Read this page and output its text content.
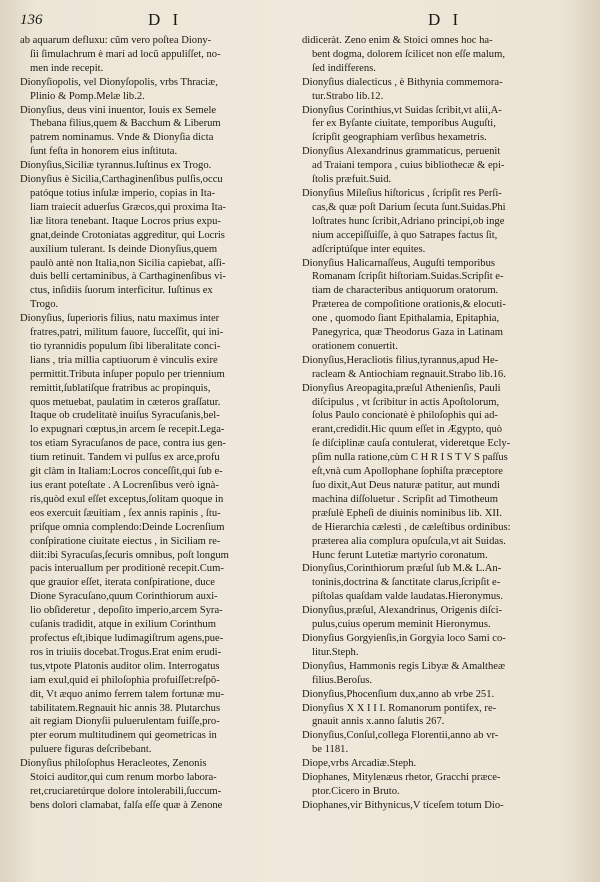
136	D I	D I
ab aquarum defluxu: cũm vero poſtea Diony-
ſii ſimulachrum è mari ad locũ appuliſſet, no-
men inde recepit.
Dionyſiopolis, vel Dionyſopolis, vrbs Thraciæ,
Plinio & Pomp.Melæ lib.2.
Dionyſius, deus vini inuentor, Iouis ex Semele
Thebana filius,quem & Bacchum & Liberum
patrem nominamus. Vnde & Dionyſia dicta
ſunt feſta in honorem eius inſtituta.
Dionyſius,Siciliæ tyrannus.Iuſtinus ex Trogo.
Dionyſius è Sicilia,Carthaginenſibus pulſis,occu
patóque totius inſulæ imperio, copias in Ita-
liam traiecit aduerſus Græcos,qui proxima Ita-
liæ litora tenebant. Itaque Locros prius expu-
gnat,deinde Crotoniatas aggreditur, qui Locris
auxilium tulerant. Is deinde Dionyſius,quem
paulò antè non Italia,non Sicilia capiebat, aſſi-
duis belli certaminibus, à Carthaginenſibus vi-
ctus, inſidiis ſuorum interficitur. Iuſtinus ex
Trogo.
Dionyſius, ſuperioris filius, natu maximus inter
fratres,patri, militum fauore, ſucceſſit, qui ini-
tio tyrannidis populum ſibi liberalitate conci-
lians , tria millia captiuorum è vinculis exire
permittit.Tributa inſuper populo per triennium
remittit,ſublatiſque fratribus ac propinquis,
quos metuebat, paulatim in cæteros graſſatur.
Itaque ob crudelitatè inuiſus Syracuſanis,bel-
lo expugnari cœptus,in arcem ſe recepit.Lega-
tos etiam Syracuſanos de pace, contra ius gen-
tium retinuit. Tandem vi pulſus ex arce,profu
git clàm in Italiam:Locros conceſſit,qui ſub e-
ius erant poteſtate . A Locrenſibus verò ignà-
ris,quòd exul eſſet exceptus,ſolitam quoque in
eos exercuit ſæuitiam , ſex annis rapinis , ſtu-
priſque omnia complendo:Deinde Locrenſium
conſpiratione ciuitate eiectus , in Siciliam re-
diit:ibi Syracuſas,ſecuris omnibus, poſt longum
pacis interuallum per proditionè recepit.Cum-
que grauior eſſet, iterata conſpiratione, duce
Dione Syracuſano,quum Corinthiorum auxi-
lio obſideretur , depoſito imperio,arcem Syra-
cuſanis tradidit, atque in exilium Corinthum
profectus eſt,ibique ludimagiſtrum agens,pue-
ros in triuiis docebat.Trogus.Erat enim erudi-
tus,vtpote Platonis auditor olim. Interrogatus
iam exul,quid ei philoſophia profuiſſet:reſpõ-
dit, Vt æquo animo ferrem talem fortunæ mu-
tabilitatem.Regnauit hic annis 38. Plutarchus
ait regiam Dionyſii puluerulentam fuiſſe,pro-
pter eorum multitudinem qui geometricas in
puluere figuras deſcribebant.
Dionyſius philoſophus Heracleotes, Zenonis
Stoici auditor,qui cum renum morbo labora-
ret,cruciaretúrque dolore intolerabili,ſuccum-
bens dolori clamabat, falſa eſſe quæ à Zenone
didiceràt. Zeno enim & Stoici omnes hoc ha-
bent dogma, dolorem ſcilicet non eſſe malum,
ſed indifferens.
Dionyſius dialecticus , è Bithynia commemora-
tur.Strabo lib.12.
Dionyſius Corinthius,vt Suidas ſcribit,vt alii,A-
fer ex Byſante ciuitate, temporibus Auguſti,
ſcripſit geographiam verſibus hexametris.
Dionyſius Alexandrinus grammaticus, peruenit
ad Traiani tempora , cuius bibliothecæ & epi-
ſtolis præfuit.Suid.
Dionyſius Mileſius hiſtoricus , ſcripſit res Perſi-
cas,& quæ poſt Darium ſecuta ſunt.Suidas.Phi
loſtrates hunc ſcribit,Adriano principi,ob inge
nium accepiſſuiſſe, à quo Satrapes factus ſit,
adſcriptúſque inter equites.
Dionyſius Halicarnaſſeus, Auguſti temporibus
Romanam ſcripſit hiſtoriam.Suidas.Scripſit e-
tiam de characteribus antiquorum oratorum.
Præterea de compoſitione orationis,& elocuti-
one , quomodo ſiant Epithalamia, Epitaphia,
Panegyrica, quæ Theodorus Gaza in Latinam
orationem conuertit.
Dionyſius,Heracliotis filius,tyrannus,apud He-
racleam & Antiochiam regnauit.Strabo lib.16.
Dionyſius Areopagita,præſul Athenienſis, Pauli
diſcipulus , vt ſcribitur in actis Apoſtolorum,
ſolus Paulo concionatè è philoſophis qui ad-
erant,credidit.Hic quum eſſet in Ægypto, quò
ſe diſciplinæ cauſa contulerat, videretque Ecly-
pſim nulla ratione,cùm C H R I S T V S paſſus
eſt,vnà cum Apollophane ſophiſta præceptore
ſuo dixit,Aut Deus naturæ patitur, aut mundi
machina diſſoluetur . Scripſit ad Timotheum
præſulè Epheſi de diuinis nominibus lib. XII.
de Hierarchia cælesti , de cæleſtibus ordinibus:
præterea alia complura opuſcula,vt ait Suidas.
Hunc ferunt Lutetiæ martyrio coronatum.
Dionyſius,Corinthiorum præſul ſub M.& L.An-
toninis,doctrina & ſanctitate clarus,ſcripſit e-
piſtolas quaſdam valde laudatas.Hieronymus.
Dionyſius,præſul, Alexandrinus, Origenis diſci-
pulus,cuius operum meminit Hieronymus.
Dionyſius Gorgyienſis,in Gorgyia loco Sami co-
litur.Steph.
Dionyſius, Hammonis regis Libyæ & Amaltheæ
filius.Beroſus.
Dionyſius,Phocenſium dux,anno ab vrbe 251.
Dionyſius X X I I I. Romanorum pontifex, re-
gnauit annis x.anno ſalutis 267.
Dionyſius,Conſul,collega Florentii,anno ab vr-
be 1181.
Diope,vrbs Arcadiæ.Steph.
Diophanes, Mitylenæus rhetor, Gracchi præce-
ptor.Cicero in Bruto.
Diophanes,vir Bithynicus,V tíceſem totum Dio-
